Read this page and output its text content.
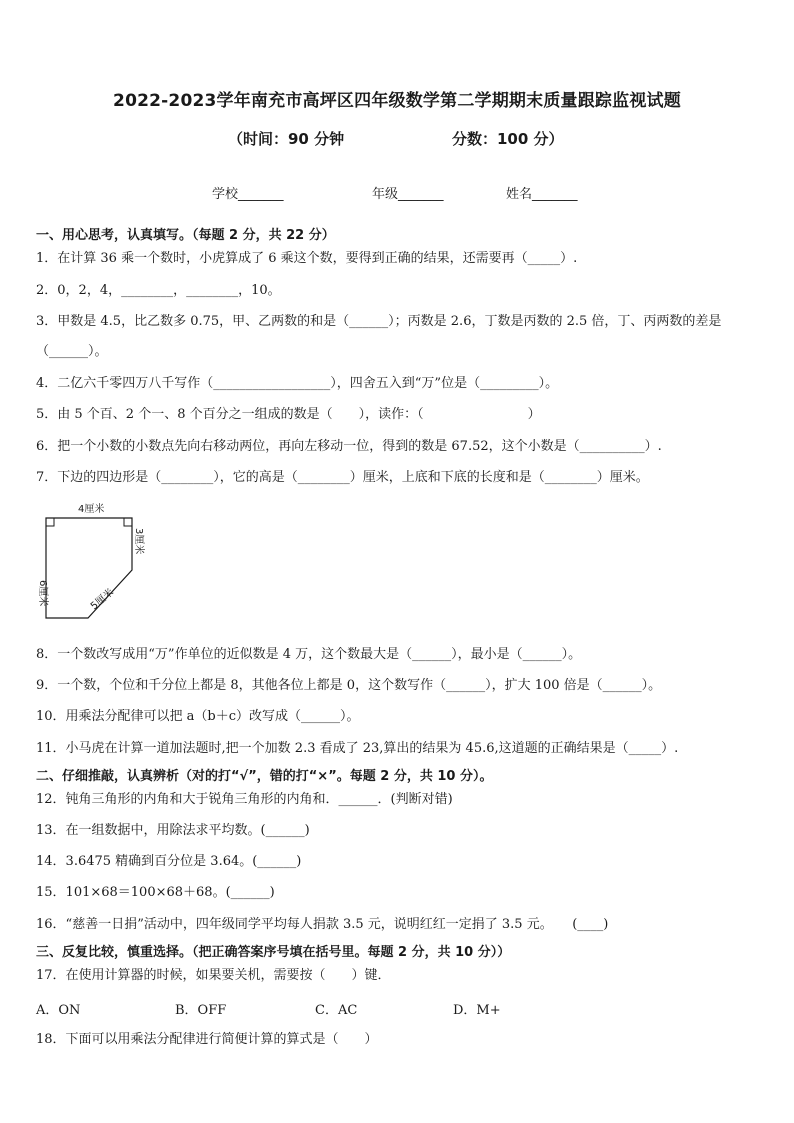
2022-2023学年南充市高坪区四年级数学第二学期期末质量跟踪监视试题
（时间：90 分钟	分数：100 分）
学校_______	年级_______	姓名_______
一、用心思考，认真填写。（每题 2 分，共 22 分）
1．在计算 36 乘一个数时，小虎算成了 6 乘这个数，要得到正确的结果，还需要再（_____）.
2．0，2，4，________，________，10。
3．甲数是 4.5，比乙数多 0.75，甲、乙两数的和是（______）；丙数是 2.6，丁数是丙数的 2.5 倍，丁、丙两数的差是
（______）。
4．二亿六千零四万八千写作（__________________），四舍五入到“万”位是（_________）。
5．由 5 个百、2 个一、8 个百分之一组成的数是（　　），读作：（　　　　　　　　）
6．把一个小数的小数点先向右移动两位，再向左移动一位，得到的数是 67.52，这个小数是（__________）.
7．下边的四边形是（________），它的高是（________）厘米，上底和下底的长度和是（________）厘米。
4厘米
3厘米
6厘米	5厘米
8．一个数改写成用“万”作单位的近似数是 4 万，这个数最大是（______），最小是（______）。
9．一个数，个位和千分位上都是 8，其他各位上都是 0，这个数写作（______），扩大 100 倍是（______）。
10．用乘法分配律可以把 a（b＋c）改写成（______）。
11．小马虎在计算一道加法题时,把一个加数 2.3 看成了 23,算出的结果为 45.6,这道题的正确结果是（_____）.
二、仔细推敲，认真辨析（对的打“√”，错的打“×”。每题 2 分，共 10 分）。
12．钝角三角形的内角和大于锐角三角形的内角和．______．(判断对错)
13．在一组数据中，用除法求平均数。(______)
14．3.6475 精确到百分位是 3.64。(______)
15．101×68＝100×68＋68。(______)
16．“慈善一日捐”活动中，四年级同学平均每人捐款 3.5 元，说明红红一定捐了 3.5 元。　　(____)
三、反复比较，慎重选择。（把正确答案序号填在括号里。每题 2 分，共 10 分））
17．在使用计算器的时候，如果要关机，需要按（　　）键．
A．ON	B．OFF	C．AC	D．M+
18．下面可以用乘法分配律进行简便计算的算式是（　　）
